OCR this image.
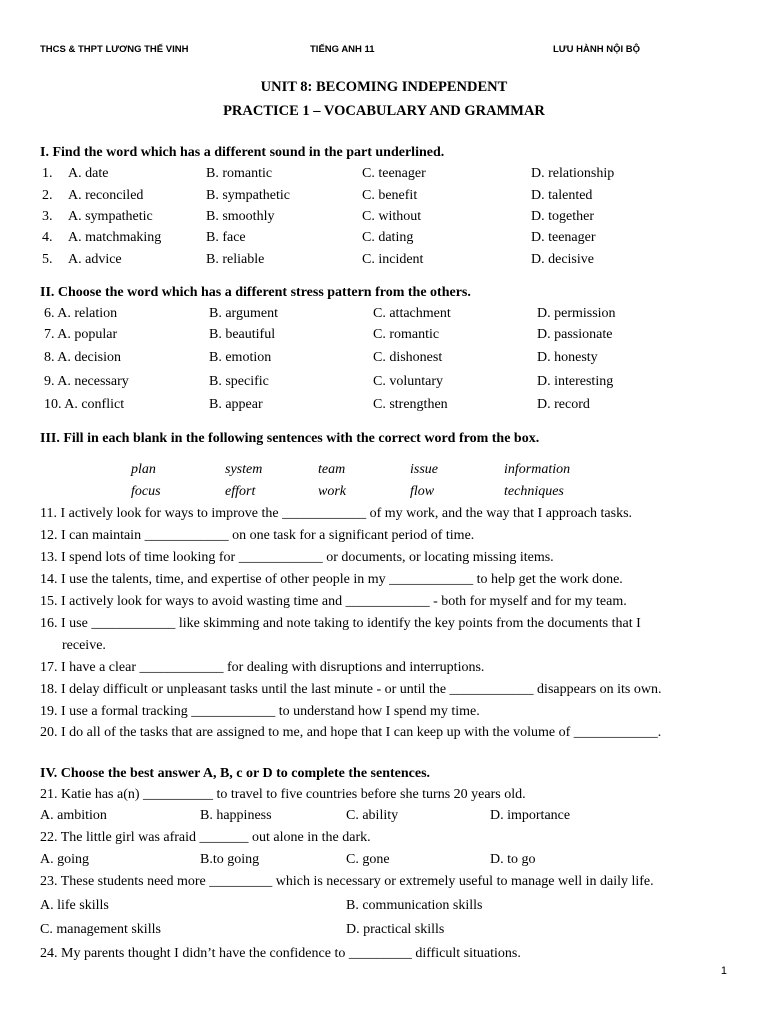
THCS & THPT LƯƠNG THẾ VINH	TIẾNG ANH 11	LƯU HÀNH NỘI BỘ
UNIT 8: BECOMING INDEPENDENT
PRACTICE 1 – VOCABULARY AND GRAMMAR
I. Find the word which has a different sound in the part underlined.
1. A. date	B. romantic	C. teenager	D. relationship
2. A. reconciled	B. sympathetic	C. benefit	D. talented
3. A. sympathetic	B. smoothly	C. without	D. together
4. A. matchmaking	B. face	C. dating	D. teenager
5. A. advice	B. reliable	C. incident	D. decisive
II. Choose the word which has a different stress pattern from the others.
6. A. relation	B. argument	C. attachment	D. permission
7. A. popular	B. beautiful	C. romantic	D. passionate
8. A. decision	B. emotion	C. dishonest	D. honesty
9. A. necessary	B. specific	C. voluntary	D. interesting
10. A. conflict	B. appear	C. strengthen	D. record
III. Fill in each blank in the following sentences with the correct word from the box.
plan	system	team	issue	information
focus	effort	work	flow	techniques
11. I actively look for ways to improve the ____________ of my work, and the way that I approach tasks.
12. I can maintain ____________ on one task for a significant period of time.
13. I spend lots of time looking for ____________ or documents, or locating missing items.
14. I use the talents, time, and expertise of other people in my ____________ to help get the work done.
15. I actively look for ways to avoid wasting time and ____________ - both for myself and for my team.
16. I use ____________ like skimming and note taking to identify the key points from the documents that I
receive.
17. I have a clear ____________ for dealing with disruptions and interruptions.
18. I delay difficult or unpleasant tasks until the last minute - or until the ____________ disappears on its own.
19. I use a formal tracking ____________ to understand how I spend my time.
20. I do all of the tasks that are assigned to me, and hope that I can keep up with the volume of ____________.
IV. Choose the best answer A, B, c or D to complete the sentences.
21. Katie has a(n) __________ to travel to five countries before she turns 20 years old.
A. ambition	B. happiness	C. ability	D. importance
22. The little girl was afraid _______ out alone in the dark.
A. going	B.to going	C. gone	D. to go
23. These students need more _________ which is necessary or extremely useful to manage well in daily life.
A. life skills	B. communication skills
C. management skills	D. practical skills
24. My parents thought I didn’t have the confidence to _________ difficult situations.
1
